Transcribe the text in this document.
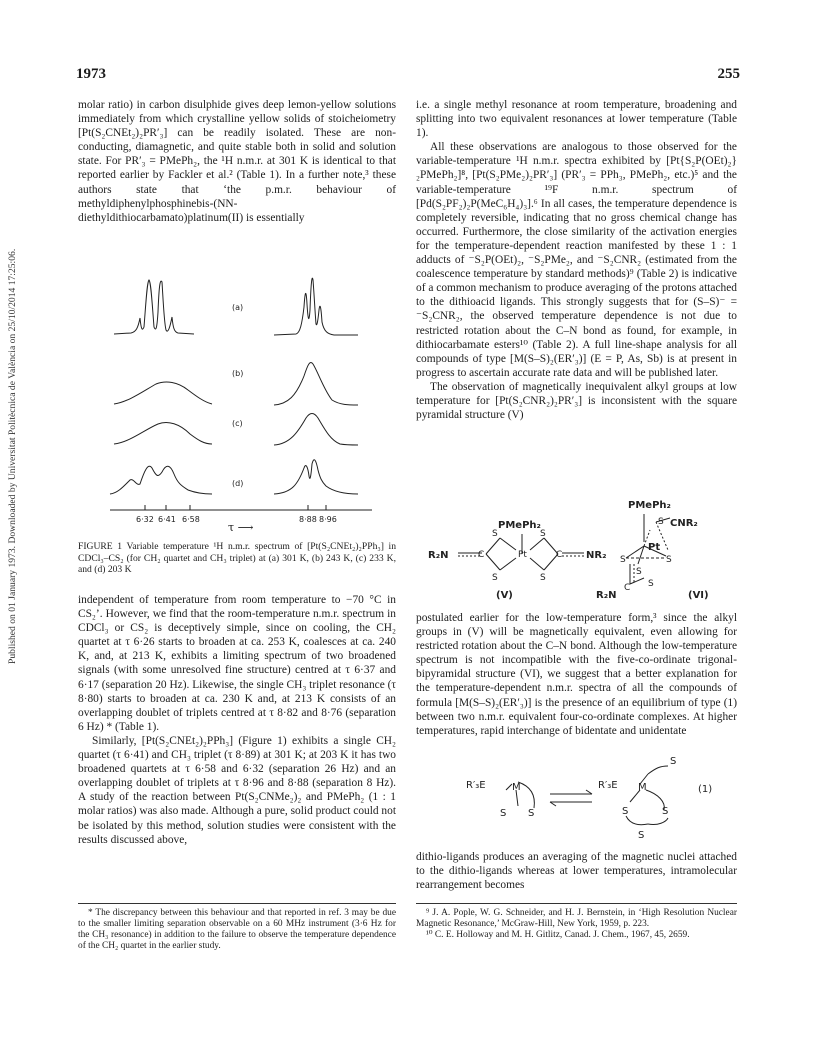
Published on 01 January 1973. Downloaded by Universitat Politècnica de València on 25/10/2014 17:25:06.
1973	255

molar ratio) in carbon disulphide gives deep lemon-yellow solutions immediately from which crystalline yellow solids of stoicheiometry [Pt(S₂CNEt₂)₂PR′₃] can be readily isolated. These are non-conducting, diamagnetic, and quite stable both in solid and solution state. For PR′₃ = PMePh₂, the ¹H n.m.r. at 301 K is identical to that reported earlier by Fackler et al.² (Table 1). In a further note,³ these authors state that ‘the p.m.r. behaviour of methyldiphenylphosphinebis-(NN-diethyldithiocarbamato)platinum(II) is essentially

(a)
(b)
(c)
(d)
6·32 6·41 6·58	8·88 8·96
τ ⟶
FIGURE 1 Variable temperature ¹H n.m.r. spectrum of [Pt(S₂CNEt₂)₂PPh₃] in CDCl₃–CS₂ (for CH₂ quartet and CH₃ triplet) at (a) 301 K, (b) 243 K, (c) 233 K, and (d) 203 K

independent of temperature from room temperature to −70 °C in CS₂’. However, we find that the room-temperature n.m.r. spectrum in CDCl₃ or CS₂ is deceptively simple, since on cooling, the CH₂ quartet at τ 6·26 starts to broaden at ca. 253 K, coalesces at ca. 240 K, and, at 213 K, exhibits a limiting spectrum of two broadened signals (with some unresolved fine structure) centred at τ 6·37 and 6·17 (separation 20 Hz). Likewise, the single CH₃ triplet resonance (τ 8·80) starts to broaden at ca. 230 K and, at 213 K consists of an overlapping doublet of triplets centred at τ 8·82 and 8·76 (separation 6 Hz) * (Table 1).

Similarly, [Pt(S₂CNEt₂)₂PPh₃] (Figure 1) exhibits a single CH₂ quartet (τ 6·41) and CH₃ triplet (τ 8·89) at 301 K; at 203 K it has two broadened quartets at τ 6·58 and 6·32 (separation 26 Hz) and an overlapping doublet of triplets at τ 8·96 and 8·88 (separation 8 Hz). A study of the reaction between Pt(S₂CNMe₂)₂ and PMePh₂ (1 : 1 molar ratios) was also made. Although a pure, solid product could not be isolated by this method, solution studies were consistent with the results discussed above,

* The discrepancy between this behaviour and that reported in ref. 3 may be due to the smaller limiting separation observable on a 60 MHz instrument (3·6 Hz for the CH₃ resonance) in addition to the failure to observe the temperature dependence of the CH₂ quartet in the earlier study.

i.e. a single methyl resonance at room temperature, broadening and splitting into two equivalent resonances at lower temperature (Table 1).

All these observations are analogous to those observed for the variable-temperature ¹H n.m.r. spectra exhibited by [Pt{S₂P(OEt)₂}₂PMePh₂]⁸, [Pt(S₂PMe₂)₂PR′₃] (PR′₃ = PPh₃, PMePh₂, etc.)⁵ and the variable-temperature ¹⁹F n.m.r. spectrum of [Pd(S₂PF₂)₂P(MeC₆H₄)₃].⁶ In all cases, the temperature dependence is completely reversible, indicating that no gross chemical change has occurred. Furthermore, the close similarity of the activation energies for the temperature-dependent reaction manifested by these 1 : 1 adducts of ⁻S₂P(OEt)₂, ⁻S₂PMe₂, and ⁻S₂CNR₂ (estimated from the coalescence temperature by standard methods)⁹ (Table 2) is indicative of a common mechanism to produce averaging of the protons attached to the dithioacid ligands. This strongly suggests that for (S–S)⁻ = ⁻S₂CNR₂, the observed temperature dependence is not due to restricted rotation about the C–N bond as found, for example, in dithiocarbamate esters¹⁰ (Table 2). A full line-shape analysis for all compounds of type [M(S–S)₂(ER′₃)] (E = P, As, Sb) is at present in progress to ascertain accurate rate data and will be published later.

The observation of magnetically inequivalent alkyl groups at low temperature for [Pt(S₂CNR₂)₂PR′₃] is inconsistent with the square pyramidal structure (V)

PMePh₂
R₂N	NR₂
PMePh₂
CNR₂
Pt
R₂N
S	S
S	S
Pt
C	C
S
S	S
S
S
C
(V)	(VI)

postulated earlier for the low-temperature form,³ since the alkyl groups in (V) will be magnetically equivalent, even allowing for restricted rotation about the C–N bond. Although the low-temperature spectrum is not incompatible with the five-co-ordinate trigonal-bipyramidal structure (VI), we suggest that a better explanation for the temperature-dependent n.m.r. spectra of all the compounds of formula [M(S–S)₂(ER′₃)] is the presence of an equilibrium of type (1) between two n.m.r. equivalent four-co-ordinate complexes. At higher temperatures, rapid interchange of bidentate and unidentate

R′₃E	M
S S
R′₃E M
S
S	S
S
(1)

dithio-ligands produces an averaging of the magnetic nuclei attached to the dithio-ligands whereas at lower temperatures, intramolecular rearrangement becomes

⁹ J. A. Pople, W. G. Schneider, and H. J. Bernstein, in ‘High Resolution Nuclear Magnetic Resonance,’ McGraw-Hill, New York, 1959, p. 223.
¹⁰ C. E. Holloway and M. H. Gitlitz, Canad. J. Chem., 1967, 45, 2659.
